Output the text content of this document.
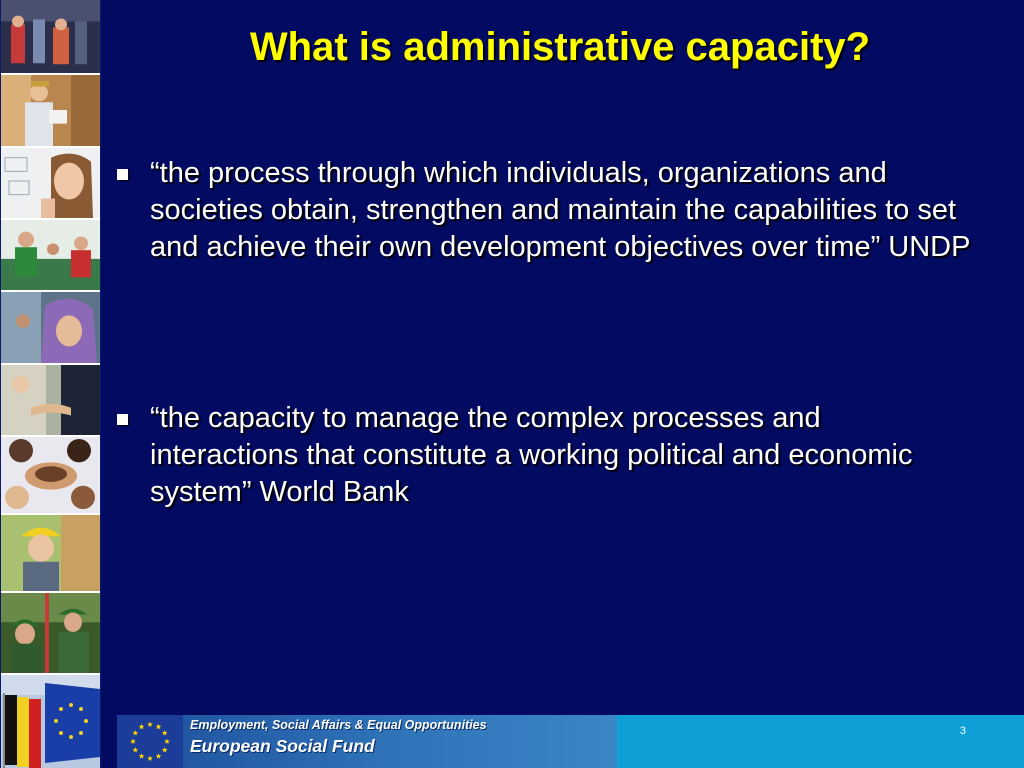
What is administrative capacity?
“the process through which individuals, organizations and societies obtain, strengthen and maintain the capabilities to set and achieve their own development objectives over time” UNDP
“the capacity to manage the complex processes and interactions that constitute a working political and economic system” World Bank
Employment, Social Affairs & Equal Opportunities
European Social Fund
3
